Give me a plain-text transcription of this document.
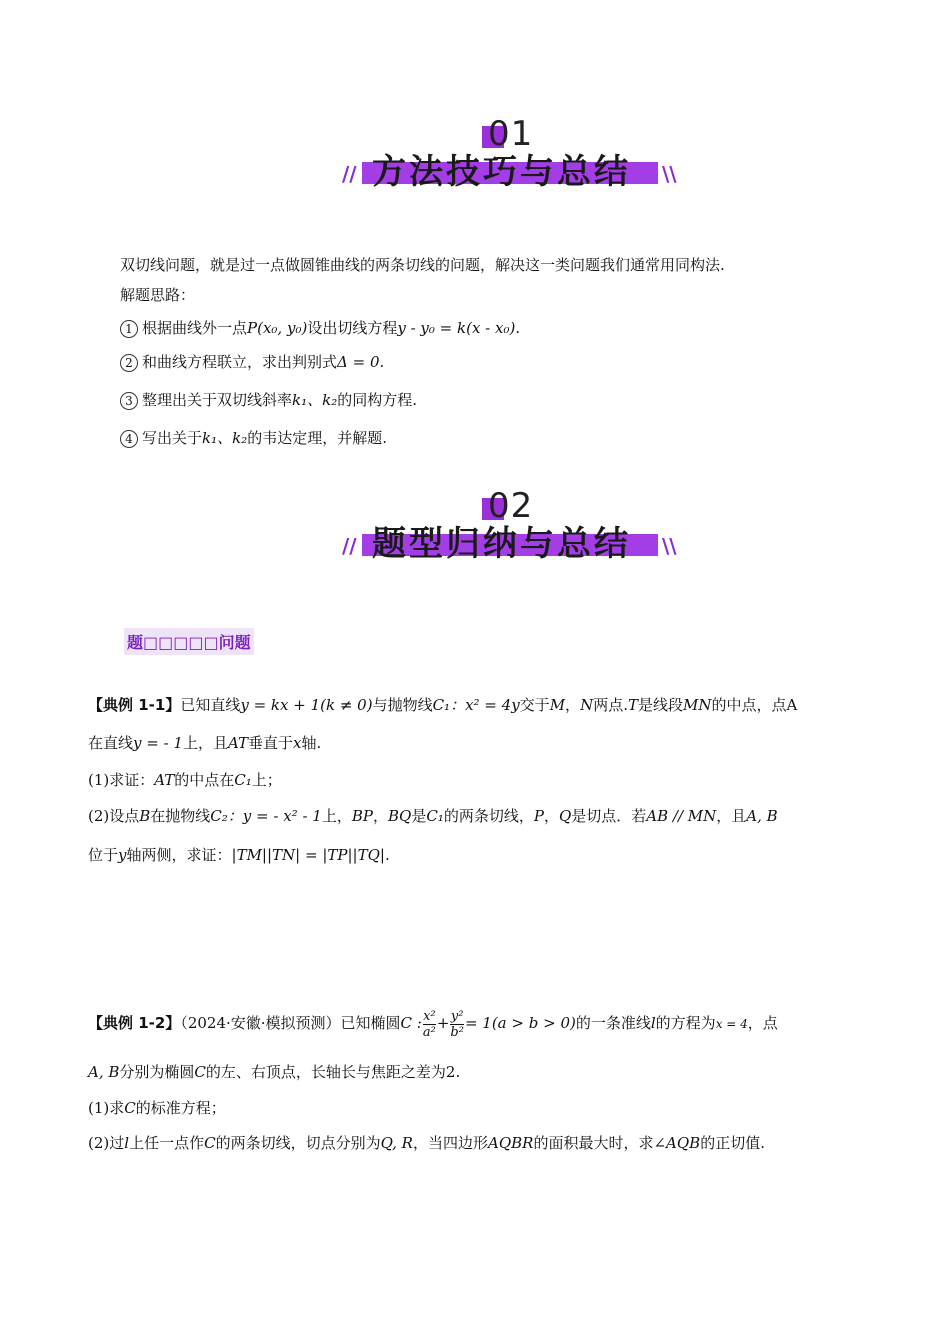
01
方法技巧与总结
//	\\
双切线问题，就是过一点做圆锥曲线的两条切线的问题，解决这一类问题我们通常用同构法.
解题思路：
1 根据曲线外一点P(x₀, y₀)设出切线方程y - y₀ = k(x - x₀).
2 和曲线方程联立，求出判别式Δ = 0.
3 整理出关于双切线斜率k₁、k₂的同构方程.
4 写出关于k₁、k₂的韦达定理，并解题.
02
题型归纳与总结
//	\\
题□□□□□问题
【典例 1-1】已知直线y = kx + 1(k ≠ 0)与抛物线C₁：x² = 4y交于M，N两点.T是线段MN的中点，点A
在直线y = - 1上，且AT垂直于x轴.
(1)求证：AT的中点在C₁上；
(2)设点B在抛物线C₂：y = - x² - 1上，BP，BQ是C₁的两条切线，P，Q是切点．若AB // MN，且A, B
位于y轴两侧，求证：|TM||TN| = |TP||TQ|.
【典例 1-2】（2024·安徽·模拟预测）已知椭圆C : $\frac{\text{x²}}{\text{a²}} + \frac{\text{y²}}{\text{b²}} = 1(a > b > 0)$的一条准线l的方程为x = 4，点
A, B分别为椭圆C的左、右顶点，长轴长与焦距之差为2.
(1)求C的标准方程；
(2)过l上任一点作C的两条切线，切点分别为Q, R，当四边形AQBR的面积最大时，求∠AQB的正切值.
